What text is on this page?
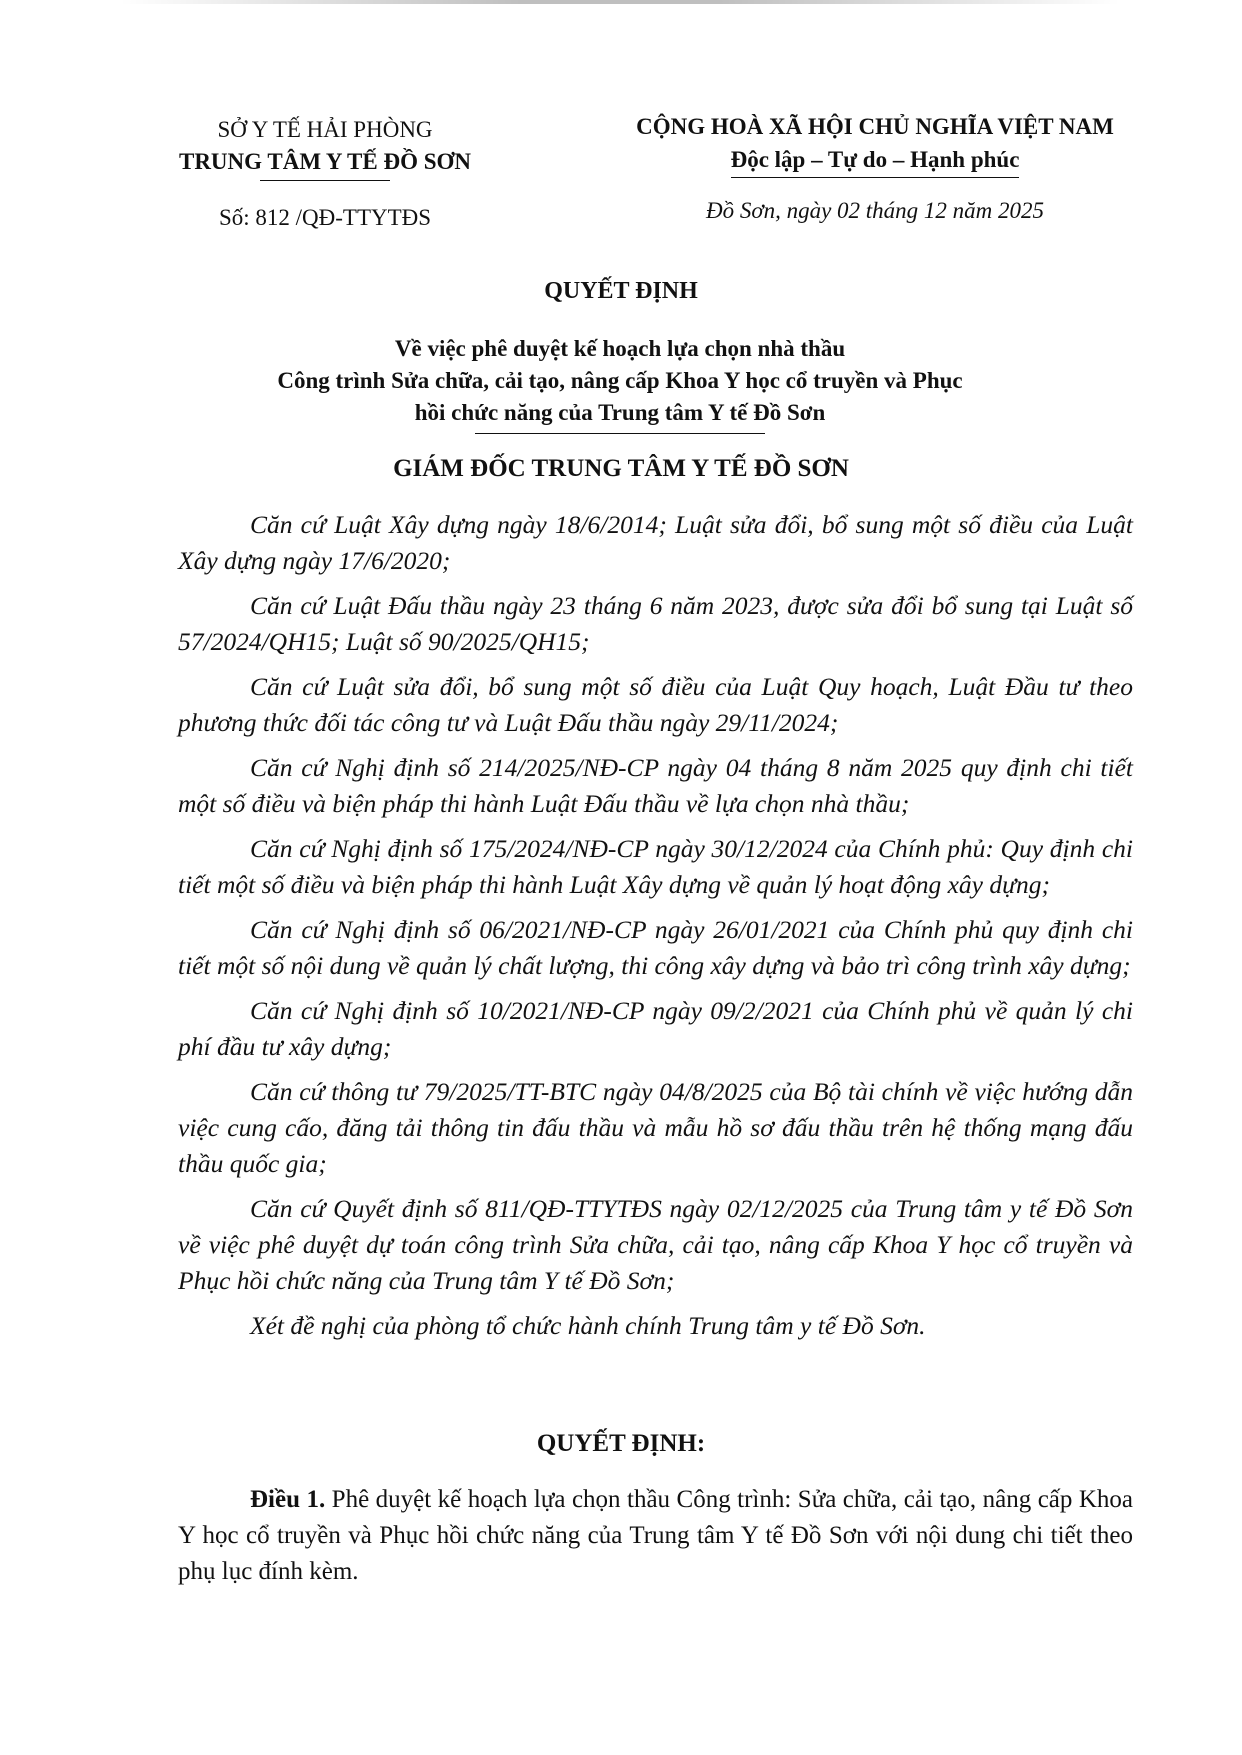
SỞ Y TẾ HẢI PHÒNG
TRUNG TÂM Y TẾ ĐỒ SƠN
Số: 812 /QĐ-TTYTĐS
CỘNG HOÀ XÃ HỘI CHỦ NGHĨA VIỆT NAM
Độc lập – Tự do – Hạnh phúc
Đồ Sơn, ngày 02 tháng 12 năm 2025
QUYẾT ĐỊNH
Về việc phê duyệt kế hoạch lựa chọn nhà thầu
Công trình Sửa chữa, cải tạo, nâng cấp Khoa Y học cổ truyền và Phục
hồi chức năng của Trung tâm Y tế Đồ Sơn
GIÁM ĐỐC TRUNG TÂM Y TẾ ĐỒ SƠN

Căn cứ Luật Xây dựng ngày 18/6/2014; Luật sửa đổi, bổ sung một số điều của Luật Xây dựng ngày 17/6/2020;

Căn cứ Luật Đấu thầu ngày 23 tháng 6 năm 2023, được sửa đổi bổ sung tại Luật số 57/2024/QH15; Luật số 90/2025/QH15;

Căn cứ Luật sửa đổi, bổ sung một số điều của Luật Quy hoạch, Luật Đầu tư theo phương thức đối tác công tư và Luật Đấu thầu ngày 29/11/2024;

Căn cứ Nghị định số 214/2025/NĐ-CP ngày 04 tháng 8 năm 2025 quy định chi tiết một số điều và biện pháp thi hành Luật Đấu thầu về lựa chọn nhà thầu;

Căn cứ Nghị định số 175/2024/NĐ-CP ngày 30/12/2024 của Chính phủ: Quy định chi tiết một số điều và biện pháp thi hành Luật Xây dựng về quản lý hoạt động xây dựng;

Căn cứ Nghị định số 06/2021/NĐ-CP ngày 26/01/2021 của Chính phủ quy định chi tiết một số nội dung về quản lý chất lượng, thi công xây dựng và bảo trì công trình xây dựng;

Căn cứ Nghị định số 10/2021/NĐ-CP ngày 09/2/2021 của Chính phủ về quản lý chi phí đầu tư xây dựng;

Căn cứ thông tư 79/2025/TT-BTC ngày 04/8/2025 của Bộ tài chính về việc hướng dẫn việc cung cấo, đăng tải thông tin đấu thầu và mẫu hồ sơ đấu thầu trên hệ thống mạng đấu thầu quốc gia;

Căn cứ Quyết định số 811/QĐ-TTYTĐS ngày 02/12/2025 của Trung tâm y tế Đồ Sơn về việc phê duyệt dự toán công trình Sửa chữa, cải tạo, nâng cấp Khoa Y học cổ truyền và Phục hồi chức năng của Trung tâm Y tế Đồ Sơn;

Xét đề nghị của phòng tổ chức hành chính Trung tâm y tế Đồ Sơn.

QUYẾT ĐỊNH:
Điều 1. Phê duyệt kế hoạch lựa chọn thầu Công trình: Sửa chữa, cải tạo, nâng cấp Khoa Y học cổ truyền và Phục hồi chức năng của Trung tâm Y tế Đồ Sơn với nội dung chi tiết theo phụ lục đính kèm.
